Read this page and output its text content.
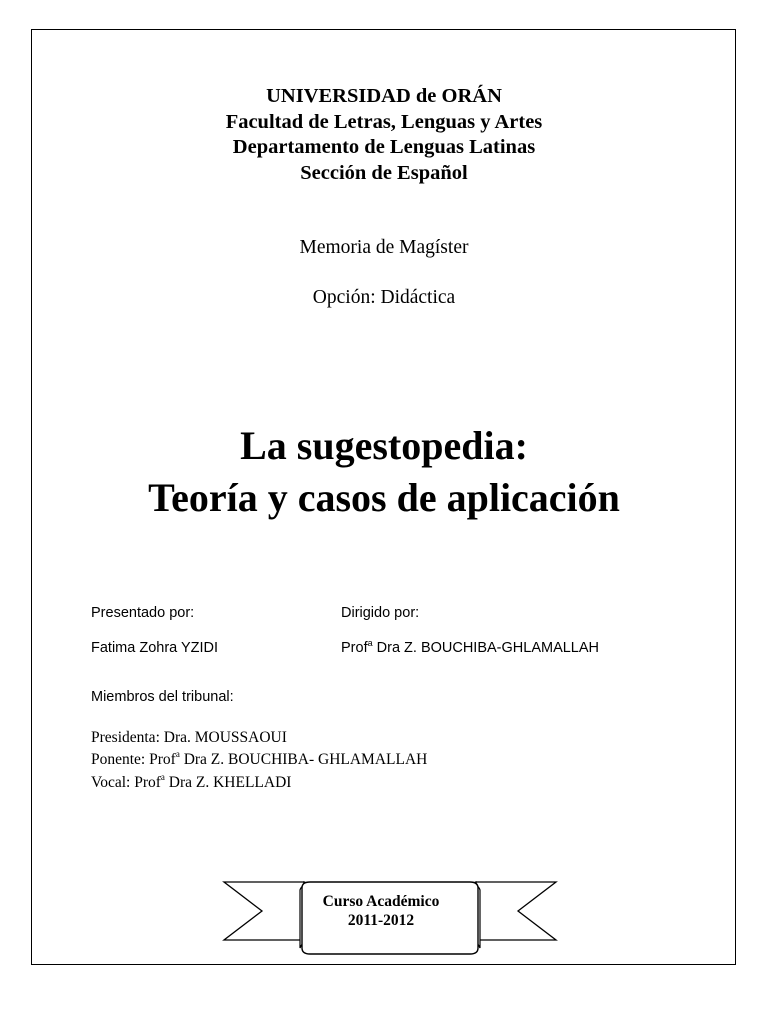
UNIVERSIDAD de ORÁN
Facultad de Letras, Lenguas y Artes
Departamento de Lenguas Latinas
Sección de Español
Memoria de Magíster
Opción: Didáctica
La sugestopedia:
Teoría y casos de aplicación
Presentado por:	Dirigido por:
Fatima Zohra YZIDI	Prof$^a$ Dra Z. BOUCHIBA-GHLAMALLAH
Miembros del tribunal:
Presidenta: Dra. MOUSSAOUI
Ponente: Prof$^a$ Dra Z. BOUCHIBA- GHLAMALLAH
Vocal: Prof$^a$ Dra Z. KHELLADI
Curso Académico
2011-2012
